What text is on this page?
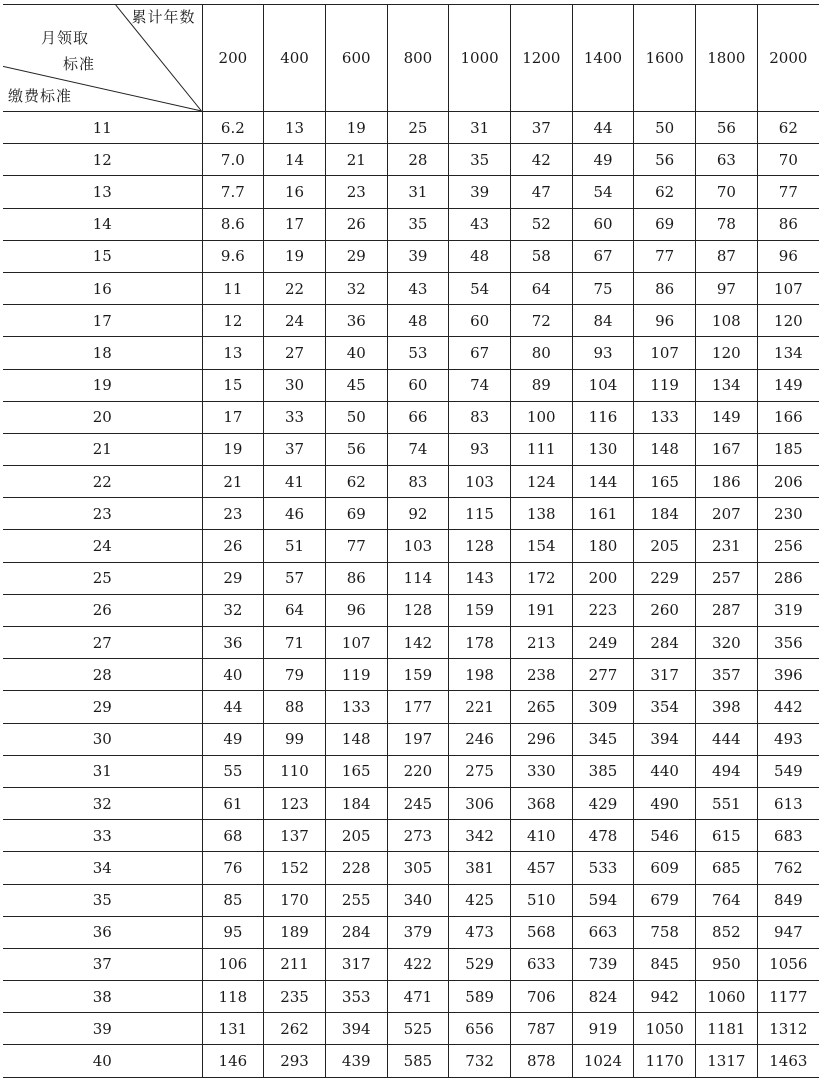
累计年数
月领取
标准
缴费标准	200	400	600	800	1000	1200	1400	1600	1800	2000
11	6.2	13	19	25	31	37	44	50	56	62
12	7.0	14	21	28	35	42	49	56	63	70
13	7.7	16	23	31	39	47	54	62	70	77
14	8.6	17	26	35	43	52	60	69	78	86
15	9.6	19	29	39	48	58	67	77	87	96
16	11	22	32	43	54	64	75	86	97	107
17	12	24	36	48	60	72	84	96	108	120
18	13	27	40	53	67	80	93	107	120	134
19	15	30	45	60	74	89	104	119	134	149
20	17	33	50	66	83	100	116	133	149	166
21	19	37	56	74	93	111	130	148	167	185
22	21	41	62	83	103	124	144	165	186	206
23	23	46	69	92	115	138	161	184	207	230
24	26	51	77	103	128	154	180	205	231	256
25	29	57	86	114	143	172	200	229	257	286
26	32	64	96	128	159	191	223	260	287	319
27	36	71	107	142	178	213	249	284	320	356
28	40	79	119	159	198	238	277	317	357	396
29	44	88	133	177	221	265	309	354	398	442
30	49	99	148	197	246	296	345	394	444	493
31	55	110	165	220	275	330	385	440	494	549
32	61	123	184	245	306	368	429	490	551	613
33	68	137	205	273	342	410	478	546	615	683
34	76	152	228	305	381	457	533	609	685	762
35	85	170	255	340	425	510	594	679	764	849
36	95	189	284	379	473	568	663	758	852	947
37	106	211	317	422	529	633	739	845	950	1056
38	118	235	353	471	589	706	824	942	1060	1177
39	131	262	394	525	656	787	919	1050	1181	1312
40	146	293	439	585	732	878	1024	1170	1317	1463
